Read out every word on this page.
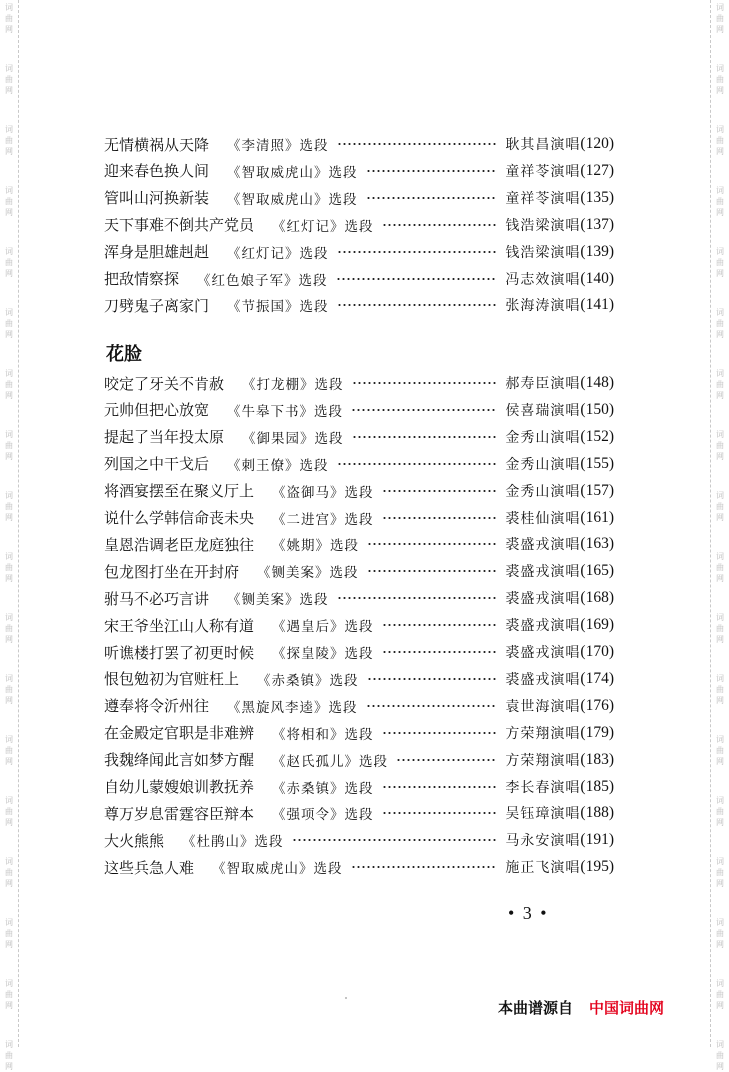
词
曲
网
词
曲
网
词
曲
网
词
曲
网
词
曲
网
词
曲
网
词
曲
网
词
曲
网
词
曲
网
词
曲
网
词
曲
网
词
曲
网
词
曲
网
词
曲
网
词
曲
网
词
曲
网
词
曲
网
词
曲
网
词
曲
网
词
曲
网
词
曲
网
词
曲
网
词
曲
网
词
曲
网
词
曲
网
词
曲
网
词
曲
网
词
曲
网
词
曲
网
词
曲
网
词
曲
网
词
曲
网
词
曲
网
词
曲
网
词
曲
网
词
曲
网
无情横祸从天降 《李清照》选段	耿其昌演唱 (120)
迎来春色换人间 《智取威虎山》选段	童祥苓演唱 (127)
管叫山河换新装 《智取威虎山》选段	童祥苓演唱 (135)
天下事难不倒共产党员 《红灯记》选段	钱浩梁演唱 (137)
浑身是胆雄赳赳 《红灯记》选段	钱浩梁演唱 (139)
把敌情察探 《红色娘子军》选段	冯志效演唱 (140)
刀劈鬼子离家门 《节振国》选段	张海涛演唱 (141)
咬定了牙关不肯赦 《打龙棚》选段	郝寿臣演唱 (148)
元帅但把心放宽 《牛皋下书》选段	侯喜瑞演唱 (150)
提起了当年投太原 《御果园》选段	金秀山演唱 (152)
列国之中干戈后 《刺王僚》选段	金秀山演唱 (155)
将酒宴摆至在聚义厅上 《盗御马》选段	金秀山演唱 (157)
说什么学韩信命丧未央 《二进宫》选段	裘桂仙演唱 (161)
皇恩浩调老臣龙庭独往 《姚期》选段	裘盛戎演唱 (163)
包龙图打坐在开封府 《铡美案》选段	裘盛戎演唱 (165)
驸马不必巧言讲 《铡美案》选段	裘盛戎演唱 (168)
宋王爷坐江山人称有道 《遇皇后》选段	裘盛戎演唱 (169)
听谯楼打罢了初更时候 《探皇陵》选段	裘盛戎演唱 (170)
恨包勉初为官赃枉上 《赤桑镇》选段	裘盛戎演唱 (174)
遵奉将令沂州往 《黑旋风李逵》选段	袁世海演唱 (176)
在金殿定官职是非难辨 《将相和》选段	方荣翔演唱 (179)
我魏绛闻此言如梦方醒 《赵氏孤儿》选段	方荣翔演唱 (183)
自幼儿蒙嫂娘训教抚养 《赤桑镇》选段	李长春演唱 (185)
尊万岁息雷霆容臣辩本 《强项令》选段	吴钰璋演唱 (188)
大火熊熊 《杜鹃山》选段	马永安演唱 (191)
这些兵急人难 《智取威虎山》选段	施正飞演唱 (195)
花脸
• 3 •
本曲谱源自 中国词曲网
